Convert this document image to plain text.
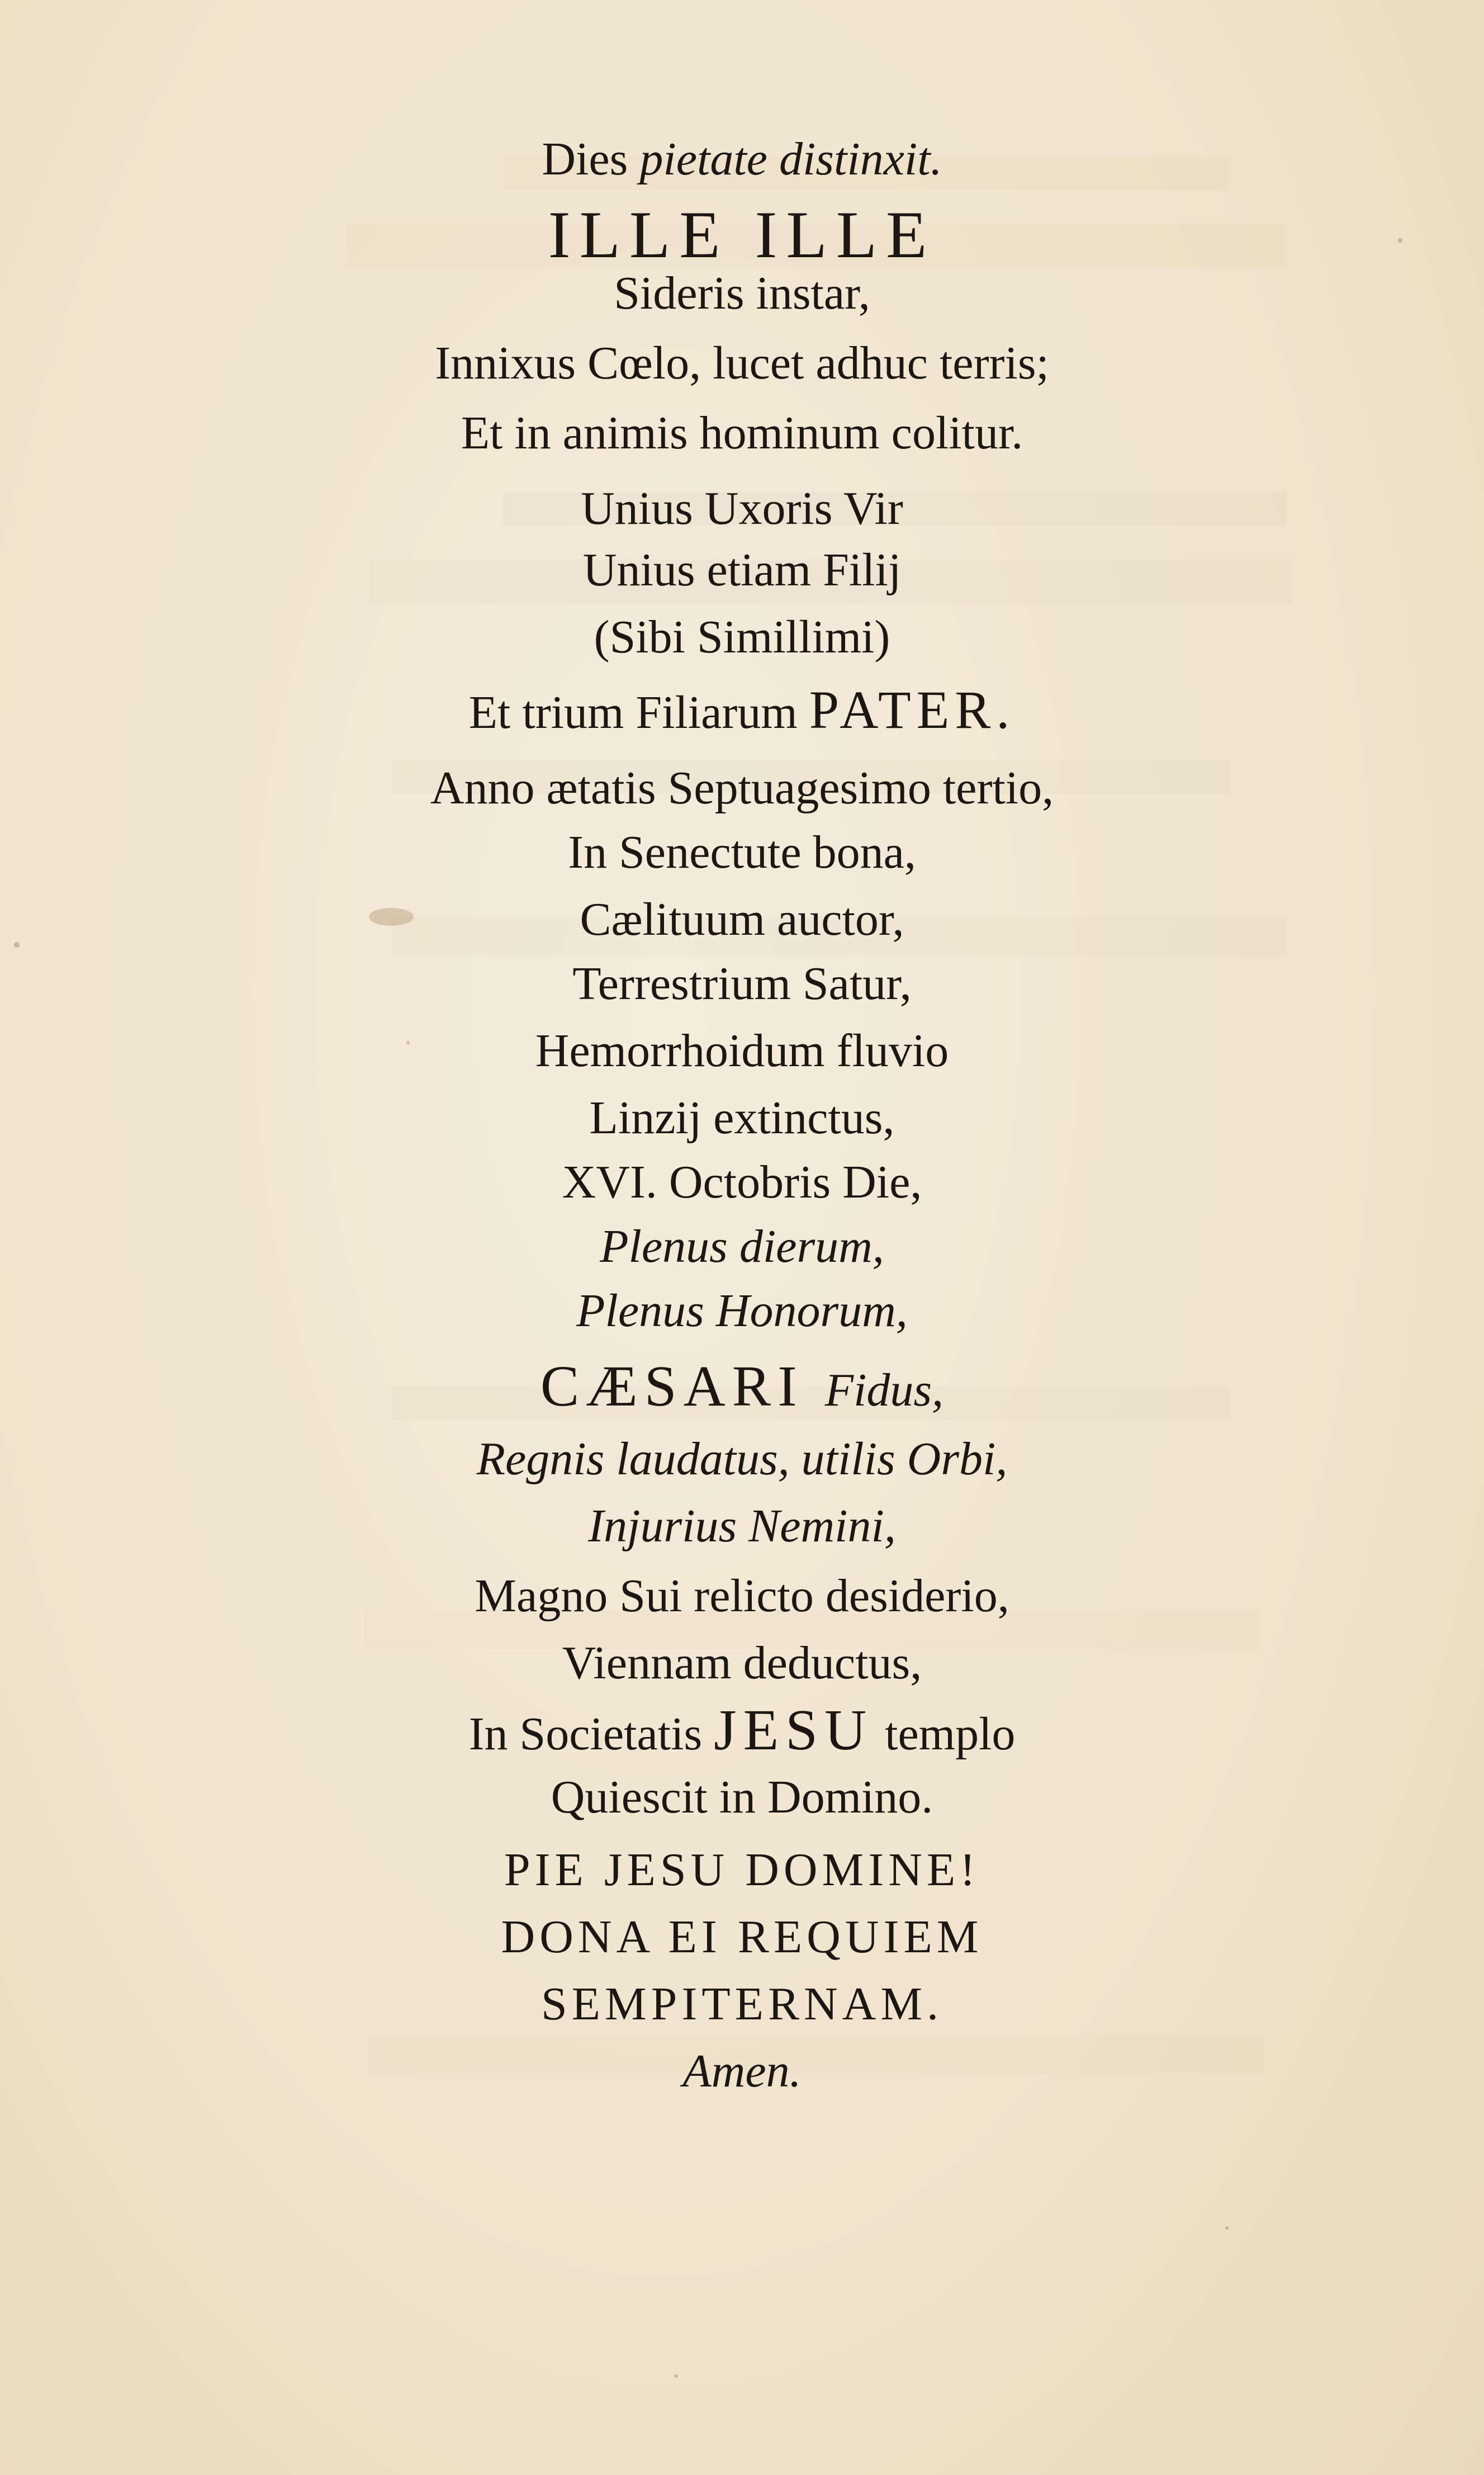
Dies pietate distinxit.
ILLE ILLE
Sideris instar,
Innixus Cœlo, lucet adhuc terris;
Et in animis hominum colitur.
Unius Uxoris Vir
Unius etiam Filij
(Sibi Simillimi)
Et trium Filiarum PATER.
Anno ætatis Septuagesimo tertio,
In Senectute bona,
Cælituum auctor,
Terrestrium Satur,
Hemorrhoidum fluvio
Linzij extinctus,
XVI. Octobris Die,
Plenus dierum,
Plenus Honorum,
CÆSARI Fidus,
Regnis laudatus, utilis Orbi,
Injurius Nemini,
Magno Sui relicto desiderio,
Viennam deductus,
In Societatis JESU templo
Quiescit in Domino.
PIE JESU DOMINE!
DONA EI REQUIEM
SEMPITERNAM.
Amen.
